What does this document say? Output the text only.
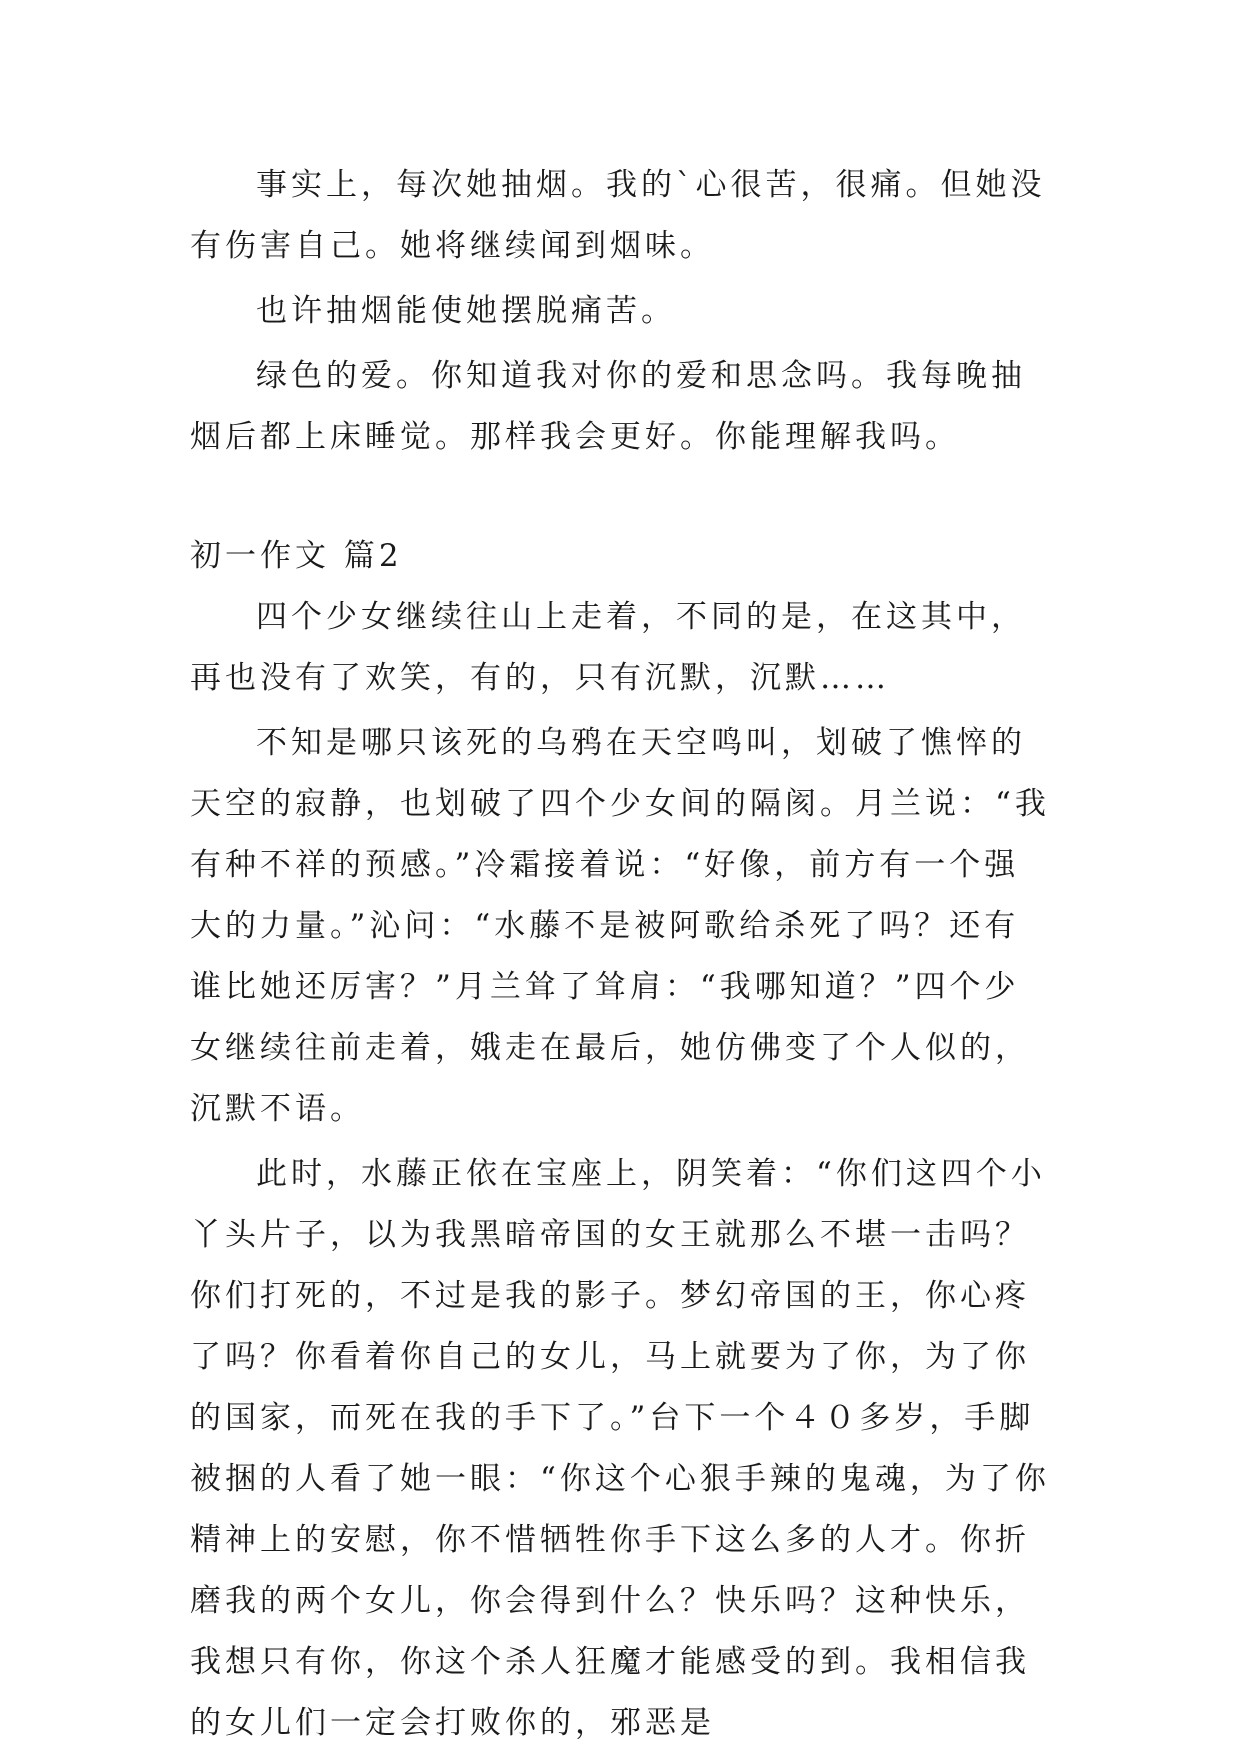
事实上，每次她抽烟。我的`心很苦，很痛。但她没有伤害自己。她将继续闻到烟味。

也许抽烟能使她摆脱痛苦。

绿色的爱。你知道我对你的爱和思念吗。我每晚抽烟后都上床睡觉。那样我会更好。你能理解我吗。

初一作文 篇2

四个少女继续往山上走着，不同的是，在这其中，再也没有了欢笑，有的，只有沉默，沉默……

不知是哪只该死的乌鸦在天空鸣叫，划破了憔悴的天空的寂静，也划破了四个少女间的隔阂。月兰说：“我有种不祥的预感。”冷霜接着说：“好像，前方有一个强大的力量。”沁问：“水藤不是被阿歌给杀死了吗？还有谁比她还厉害？”月兰耸了耸肩：“我哪知道？”四个少女继续往前走着，娥走在最后，她仿佛变了个人似的，沉默不语。

此时，水藤正依在宝座上，阴笑着：“你们这四个小丫头片子，以为我黑暗帝国的女王就那么不堪一击吗？你们打死的，不过是我的影子。梦幻帝国的王，你心疼了吗？你看着你自己的女儿，马上就要为了你，为了你的国家，而死在我的手下了。”台下一个４０多岁，手脚被捆的人看了她一眼：“你这个心狠手辣的鬼魂，为了你精神上的安慰，你不惜牺牲你手下这么多的人才。你折磨我的两个女儿，你会得到什么？快乐吗？这种快乐，我想只有你，你这个杀人狂魔才能感受的到。我相信我的女儿们一定会打败你的，邪恶是
